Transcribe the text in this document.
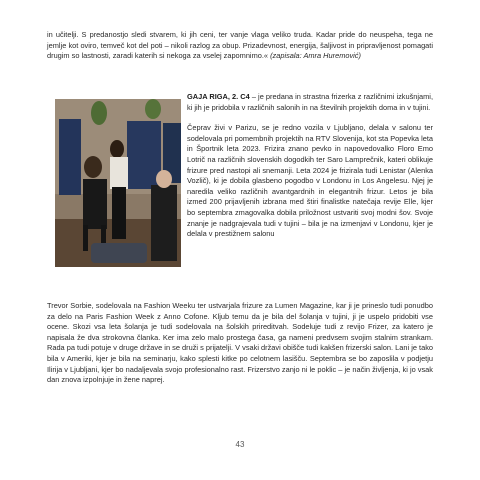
in učitelji. S predanostjo sledi stvarem, ki jih ceni, ter vanje vlaga veliko truda. Kadar pride do neuspeha, tega ne jemlje kot oviro, temveč kot del poti – nikoli razlog za obup. Prizadevnost, energija, šaljivost in pripravljenost pomagati drugim so lastnosti, zaradi katerih si nekoga za vselej zapomnimo.« (zapisala: Amra Huremović)

GAJA RIGA, 2. C4 – je predana in strastna frizerka z različnimi izkušnjami, ki jih je pridobila v različnih salonih in na številnih projektih doma in v tujini.

Čeprav živi v Parizu, se je redno vozila v Ljubljano, delala v salonu ter sodelovala pri pomembnih projektih na RTV Slovenija, kot sta Popevka leta in Športnik leta 2023. Frizira znano pevko in napovedovalko Floro Emo Lotrič na različnih slovenskih dogodkih ter Saro Lamprečnik, kateri oblikuje frizure pred nastopi ali snemanji. Leta 2024 je frizirala tudi Lenistar (Alenka Vozlič), ki je dobila glasbeno pogodbo v Londonu in Los Angelesu. Njej je naredila veliko različnih avantgardnih in elegantnih frizur. Letos je bila izmed 200 prijavljenih izbrana med štiri finalistke natečaja revije Elle, kjer bo septembra zmagovalka dobila priložnost ustvariti svoj modni šov. Svoje znanje je nadgrajevala tudi v tujini – bila je na izmenjavi v Londonu, kjer je delala v prestižnem salonu

Trevor Sorbie, sodelovala na Fashion Weeku ter ustvarjala frizure za Lumen Magazine, kar ji je prineslo tudi ponudbo za delo na Paris Fashion Week z Anno Cofone. Kljub temu da je bila del šolanja v tujini, ji je uspelo pridobiti vse ocene. Skozi vsa leta šolanja je tudi sodelovala na šolskih prireditvah. Sodeluje tudi z revijo Frizer, za katero je napisala že dva strokovna članka. Ker ima zelo malo prostega časa, ga nameni predvsem svojim stalnim strankam. Rada pa tudi potuje v druge države in se druži s prijatelji. V vsaki državi obišče tudi kakšen frizerski salon. Lani je tako bila v Ameriki, kjer je bila na seminarju, kako splesti kitke po celotnem lasišču. Septembra se bo zaposlila v podjetju Ilirija v Ljubljani, kjer bo nadaljevala svojo profesionalno rast. Frizerstvo zanjo ni le poklic – je način življenja, ki jo vsak dan znova izpolnjuje in žene naprej.

43
